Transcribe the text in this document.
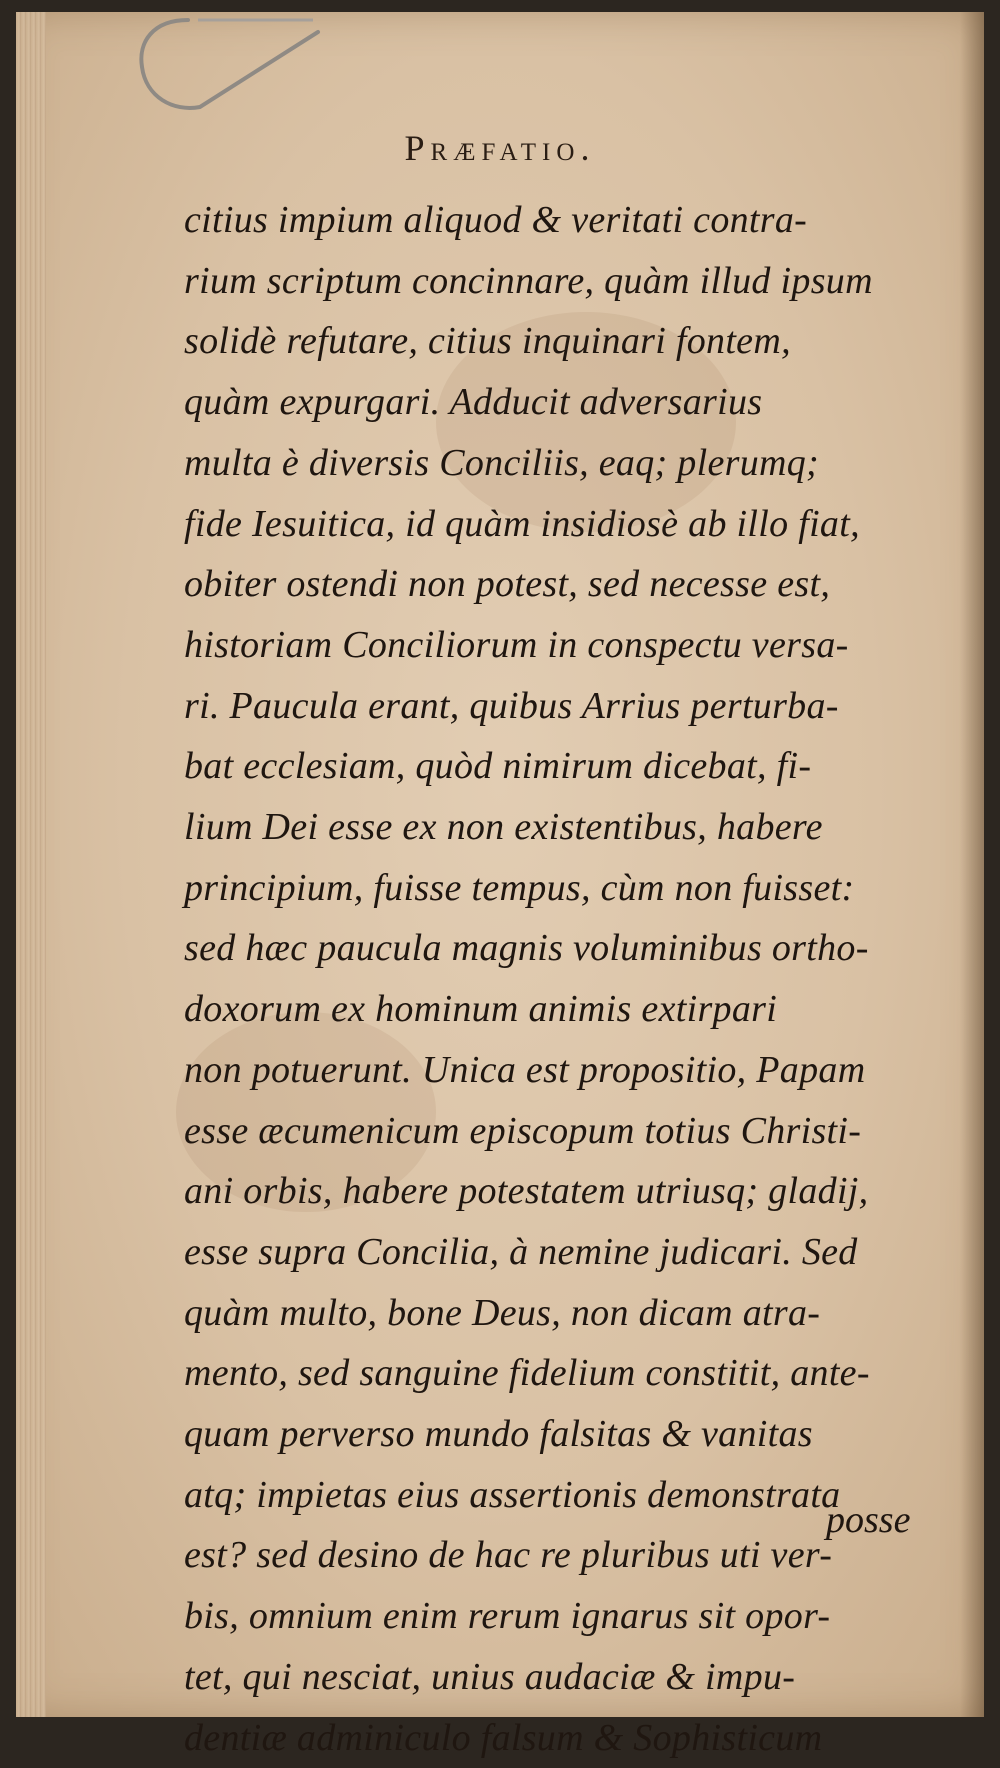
Præfatio.
citius impium aliquod & veritati contra-
rium scriptum concinnare, quàm illud ipsum
solidè refutare, citius inquinari fontem,
quàm expurgari. Adducit adversarius
multa è diversis Conciliis, eaq; plerumq;
fide Iesuitica, id quàm insidiosè ab illo fiat,
obiter ostendi non potest, sed necesse est,
historiam Conciliorum in conspectu versa-
ri. Paucula erant, quibus Arrius perturba-
bat ecclesiam, quòd nimirum dicebat, fi-
lium Dei esse ex non existentibus, habere
principium, fuisse tempus, cùm non fuisset:
sed hæc paucula magnis voluminibus ortho-
doxorum ex hominum animis extirpari
non potuerunt. Unica est propositio, Papam
esse æcumenicum episcopum totius Christi-
ani orbis, habere potestatem utriusq; gladij,
esse supra Concilia, à nemine judicari. Sed
quàm multo, bone Deus, non dicam atra-
mento, sed sanguine fidelium constitit, ante-
quam perverso mundo falsitas & vanitas
atq; impietas eius assertionis demonstrata
est? sed desino de hac re pluribus uti ver-
bis, omnium enim rerum ignarus sit opor-
tet, qui nesciat, unius audaciæ & impu-
dentiæ adminiculo falsum & Sophisticum
posse
